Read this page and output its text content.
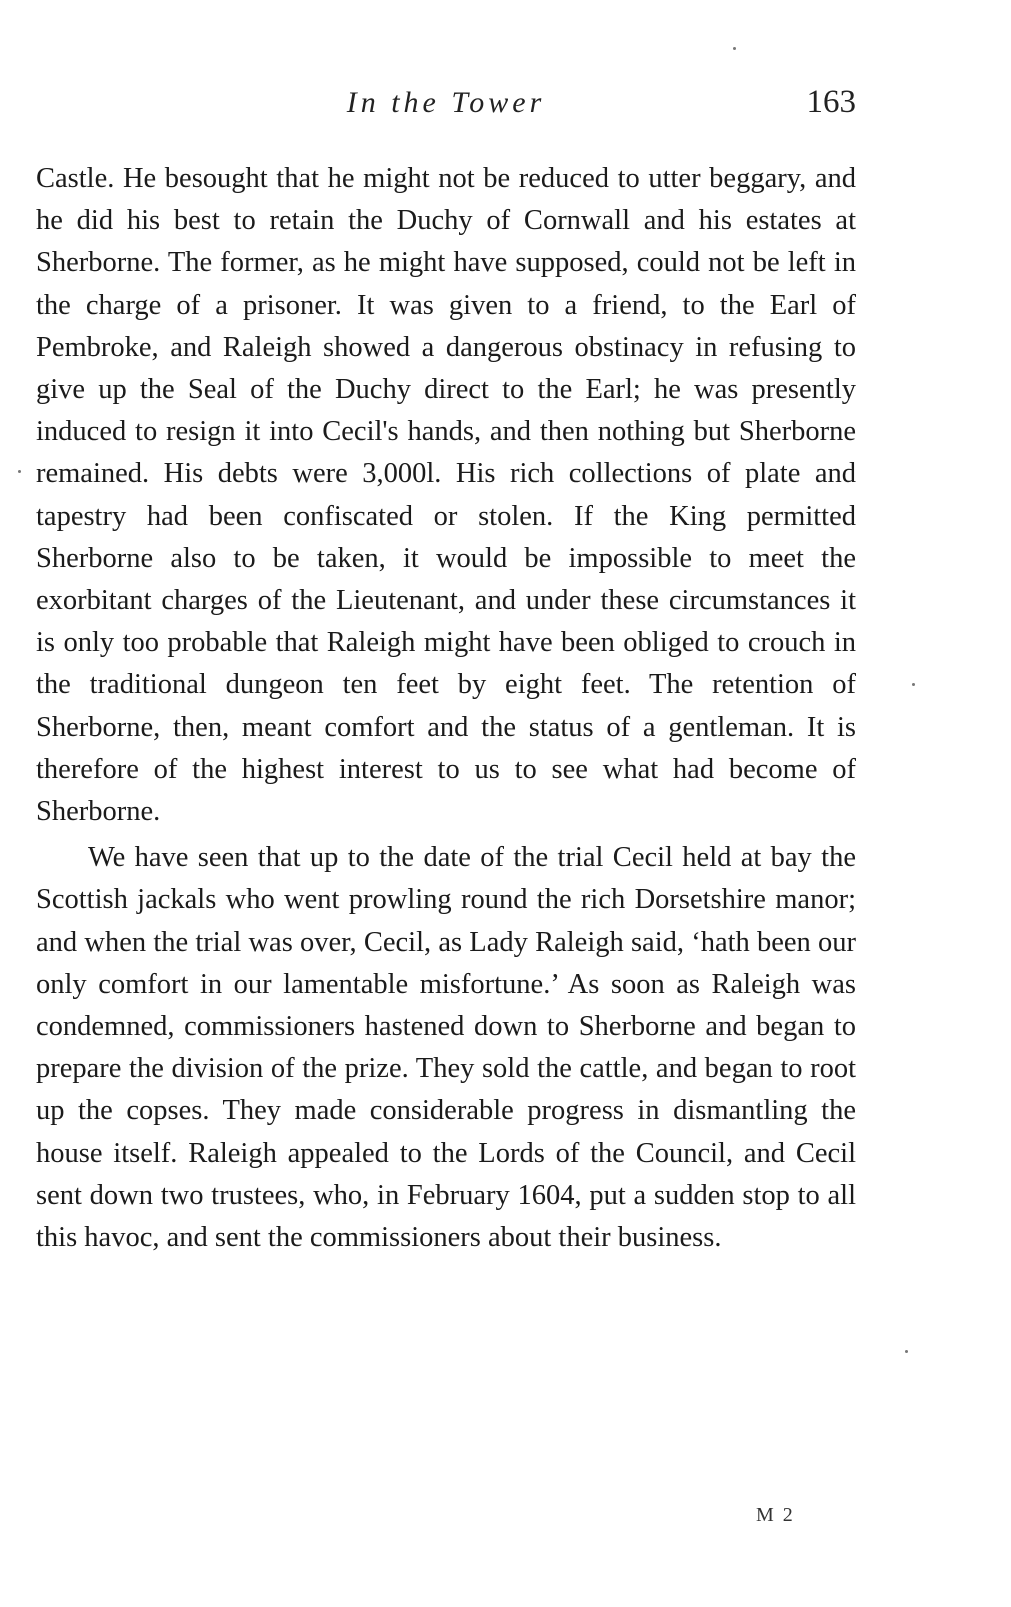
In the Tower	163

Castle. He besought that he might not be reduced to utter beggary, and he did his best to retain the Duchy of Cornwall and his estates at Sherborne. The former, as he might have supposed, could not be left in the charge of a prisoner. It was given to a friend, to the Earl of Pembroke, and Raleigh showed a dangerous obstinacy in refusing to give up the Seal of the Duchy direct to the Earl; he was presently induced to resign it into Cecil's hands, and then nothing but Sherborne remained. His debts were 3,000l. His rich collections of plate and tapestry had been confiscated or stolen. If the King permitted Sherborne also to be taken, it would be impossible to meet the exorbitant charges of the Lieutenant, and under these circumstances it is only too probable that Raleigh might have been obliged to crouch in the traditional dungeon ten feet by eight feet. The retention of Sherborne, then, meant comfort and the status of a gentleman. It is therefore of the highest interest to us to see what had become of Sherborne.

We have seen that up to the date of the trial Cecil held at bay the Scottish jackals who went prowling round the rich Dorsetshire manor; and when the trial was over, Cecil, as Lady Raleigh said, ‘hath been our only comfort in our lamentable misfortune.’ As soon as Raleigh was condemned, commissioners hastened down to Sherborne and began to prepare the division of the prize. They sold the cattle, and began to root up the copses. They made considerable progress in dismantling the house itself. Raleigh appealed to the Lords of the Council, and Cecil sent down two trustees, who, in February 1604, put a sudden stop to all this havoc, and sent the commissioners about their business.

M 2
